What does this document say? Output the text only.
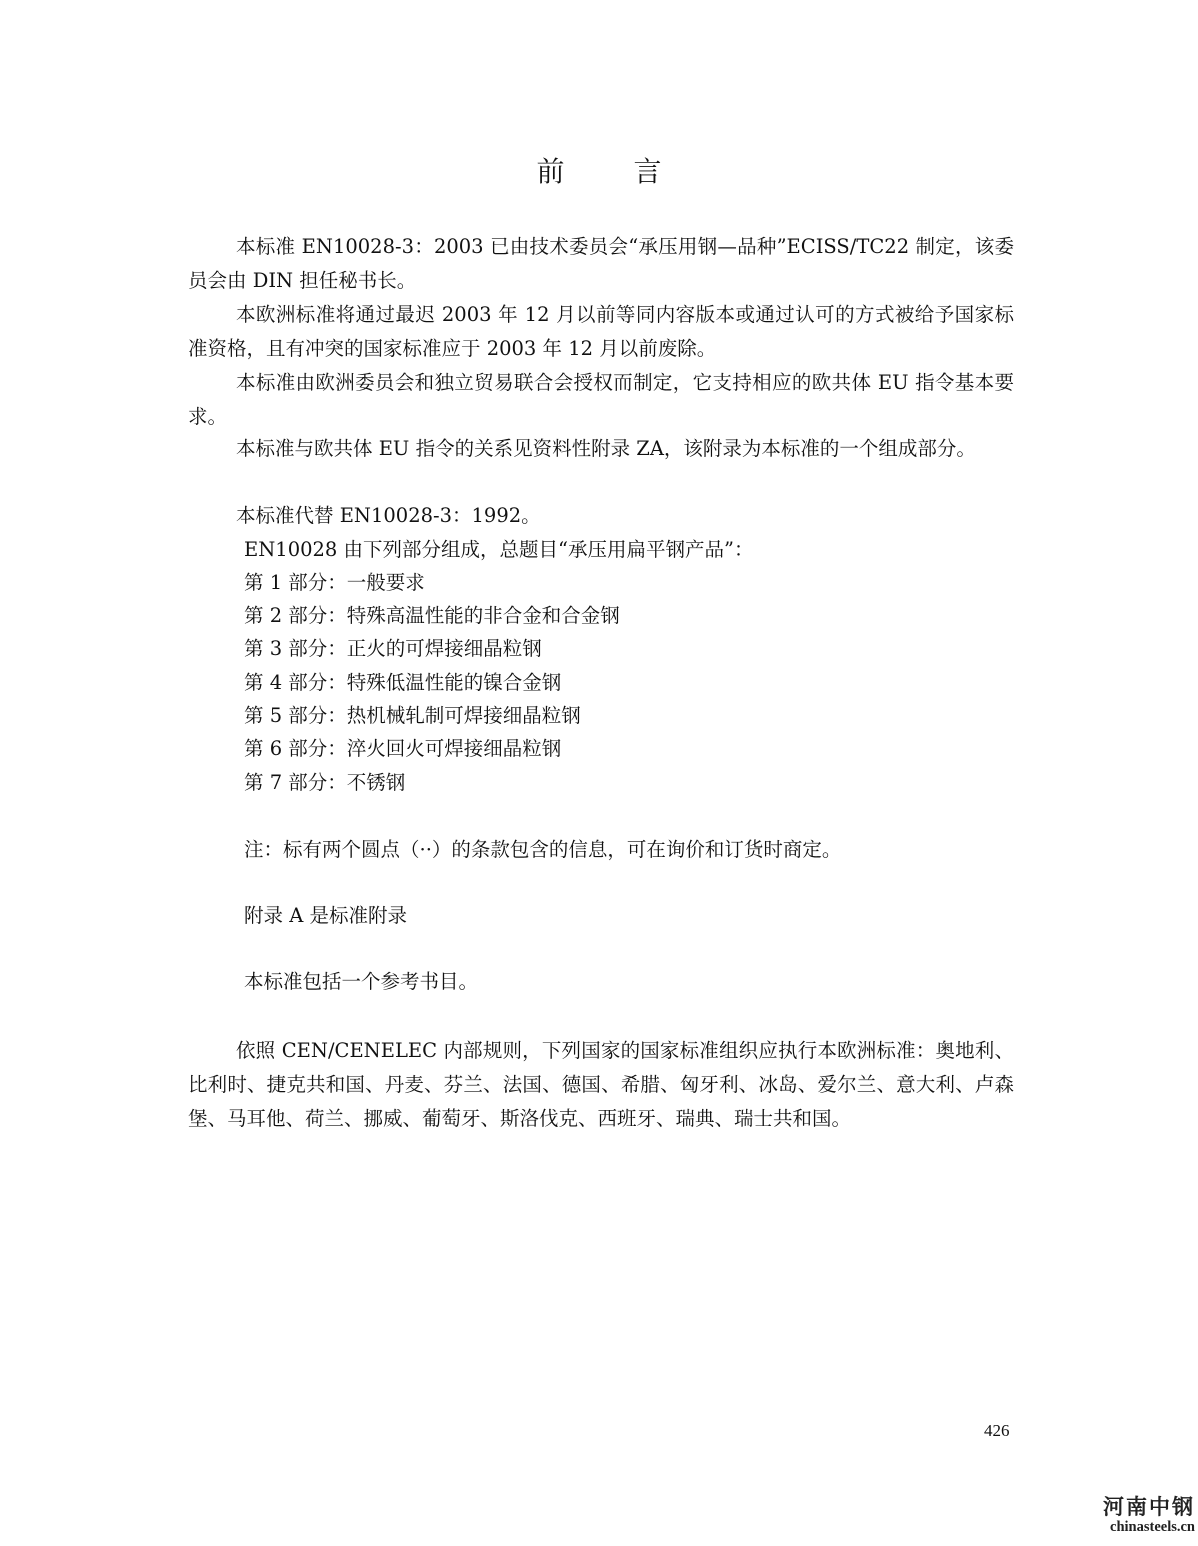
前 言

本标准 EN10028-3：2003 已由技术委员会“承压用钢—品种”ECISS/TC22 制定，该委员会由 DIN 担任秘书长。

本欧洲标准将通过最迟 2003 年 12 月以前等同内容版本或通过认可的方式被给予国家标准资格，且有冲突的国家标准应于 2003 年 12 月以前废除。

本标准由欧洲委员会和独立贸易联合会授权而制定，它支持相应的欧共体 EU 指令基本要求。

本标准与欧共体 EU 指令的关系见资料性附录 ZA，该附录为本标准的一个组成部分。

本标准代替 EN10028-3：1992。

EN10028 由下列部分组成，总题目“承压用扁平钢产品”：

第 1 部分：一般要求

第 2 部分：特殊高温性能的非合金和合金钢

第 3 部分：正火的可焊接细晶粒钢

第 4 部分：特殊低温性能的镍合金钢

第 5 部分：热机械轧制可焊接细晶粒钢

第 6 部分：淬火回火可焊接细晶粒钢

第 7 部分：不锈钢

注：标有两个圆点（··）的条款包含的信息，可在询价和订货时商定。

附录 A 是标准附录

本标准包括一个参考书目。

依照 CEN/CENELEC 内部规则，下列国家的国家标准组织应执行本欧洲标准：奥地利、比利时、捷克共和国、丹麦、芬兰、法国、德国、希腊、匈牙利、冰岛、爱尔兰、意大利、卢森堡、马耳他、荷兰、挪威、葡萄牙、斯洛伐克、西班牙、瑞典、瑞士共和国。

426
河南中钢
chinasteels.cn
